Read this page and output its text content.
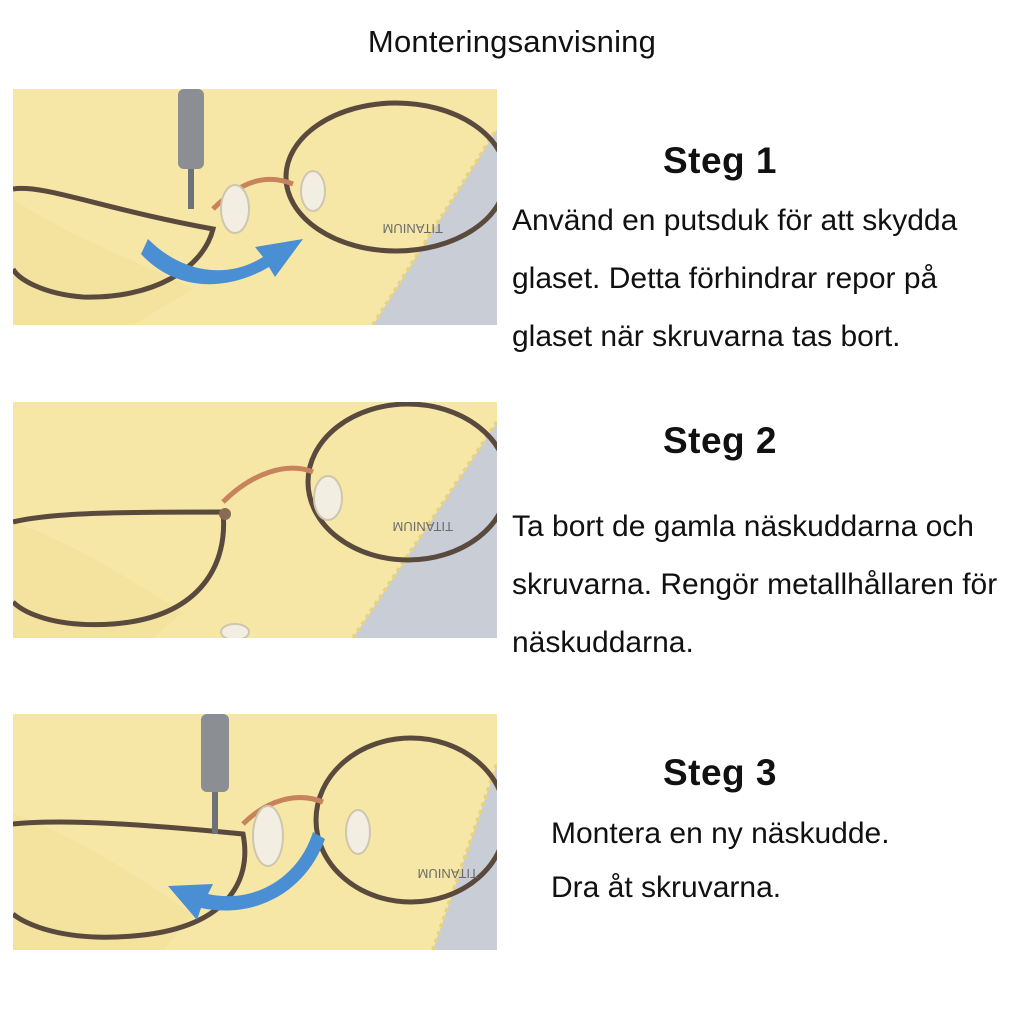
Monteringsanvisning
TITANIUM
Steg 1
Använd en putsduk för att skydda
glaset. Detta förhindrar repor på
glaset när skruvarna tas bort.
TITANIUM
Steg 2
Ta bort de gamla näskuddarna och
skruvarna. Rengör metallhållaren för
näskuddarna.
TITANIUM
Steg 3
Montera en ny näskudde.
Dra åt skruvarna.
